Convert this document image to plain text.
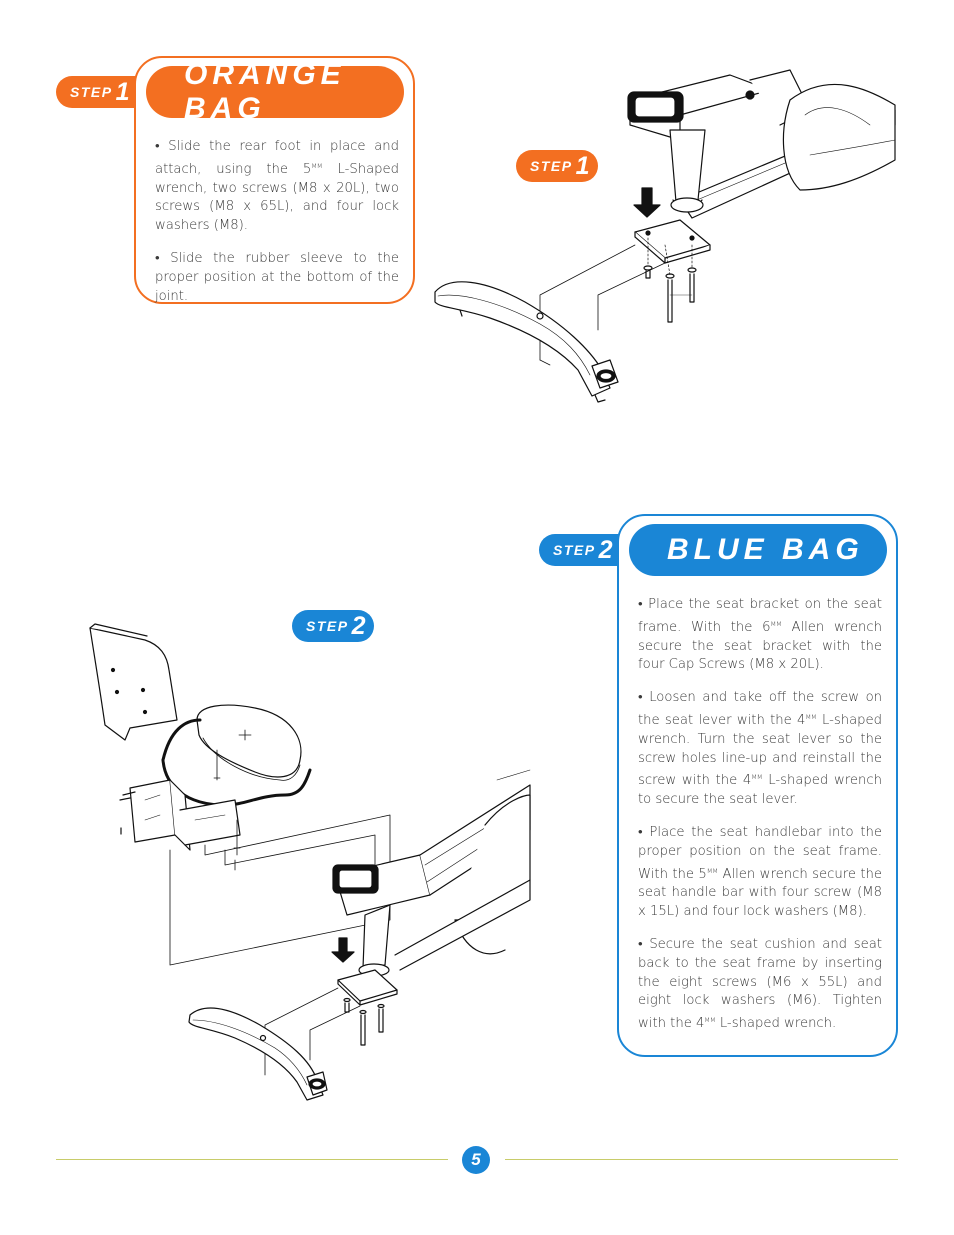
STEP 1

• Slide the rear foot in place and attach, using the $5^{MM}$ L-Shaped wrench, two screws (M8 x 20L), two screws (M8 x 65L), and four lock washers (M8).

• Slide the rubber sleeve to the proper position at the bottom of the joint.

ORANGE BAG
STEP 1
STEP 2

• Place the seat bracket on the seat frame. With the $6^{MM}$ Allen wrench secure the seat bracket with the four Cap Screws (M8 x 20L).

• Loosen and take off the screw on the seat lever with the $4^{MM}$ L-shaped wrench. Turn the seat lever so the screw holes line-up and reinstall the screw with the $4^{MM}$ L-shaped wrench to secure the seat lever.

• Place the seat handlebar into the proper position on the seat frame. With the $5^{MM}$ Allen wrench secure the seat handle bar with four screw (M8 x 15L) and four lock washers (M8).

• Secure the seat cushion and seat back to the seat frame by inserting the eight screws (M6 x 55L) and eight lock washers (M6). Tighten with the $4^{MM}$ L-shaped wrench.

BLUE BAG
STEP 2
5
